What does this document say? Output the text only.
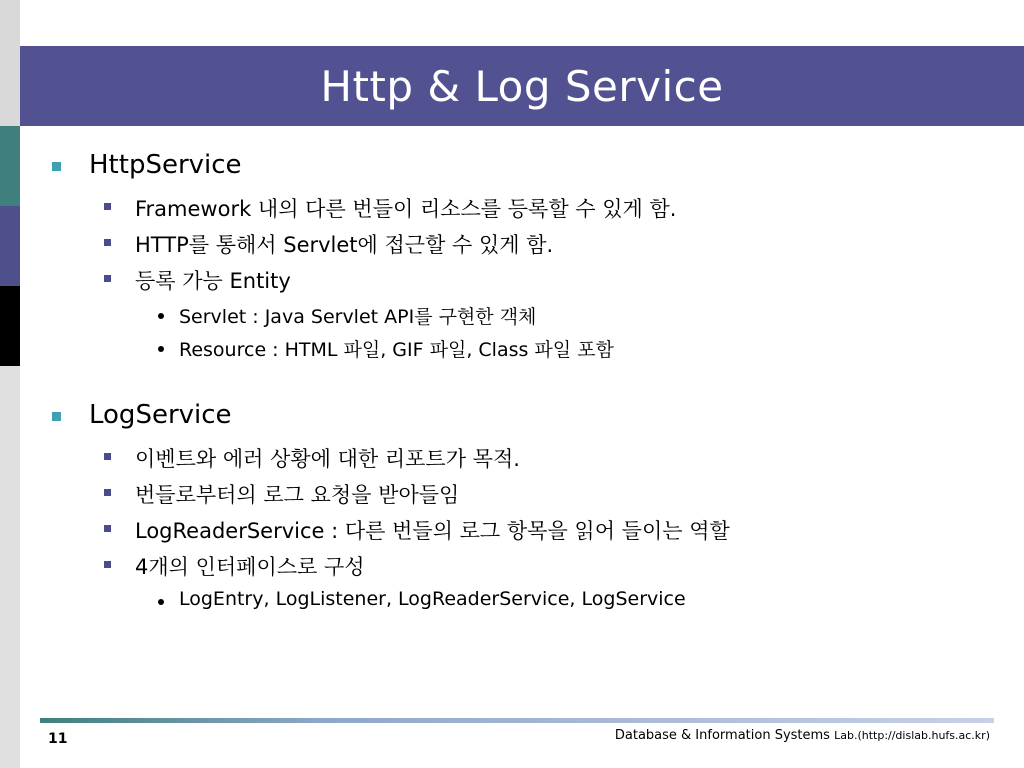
Http & Log Service
HttpService
Framework 내의 다른 번들이 리소스를 등록할 수 있게 함.
HTTP를 통해서 Servlet에 접근할 수 있게 함.
등록 가능 Entity
Servlet : Java Servlet API를 구현한 객체
Resource : HTML 파일, GIF 파일, Class 파일 포함
LogService
이벤트와 에러 상황에 대한 리포트가 목적.
번들로부터의 로그 요청을 받아들임
LogReaderService : 다른 번들의 로그 항목을 읽어 들이는 역할
4개의 인터페이스로 구성
LogEntry, LogListener, LogReaderService, LogService
11	Database & Information Systems Lab.(http://dislab.hufs.ac.kr)
